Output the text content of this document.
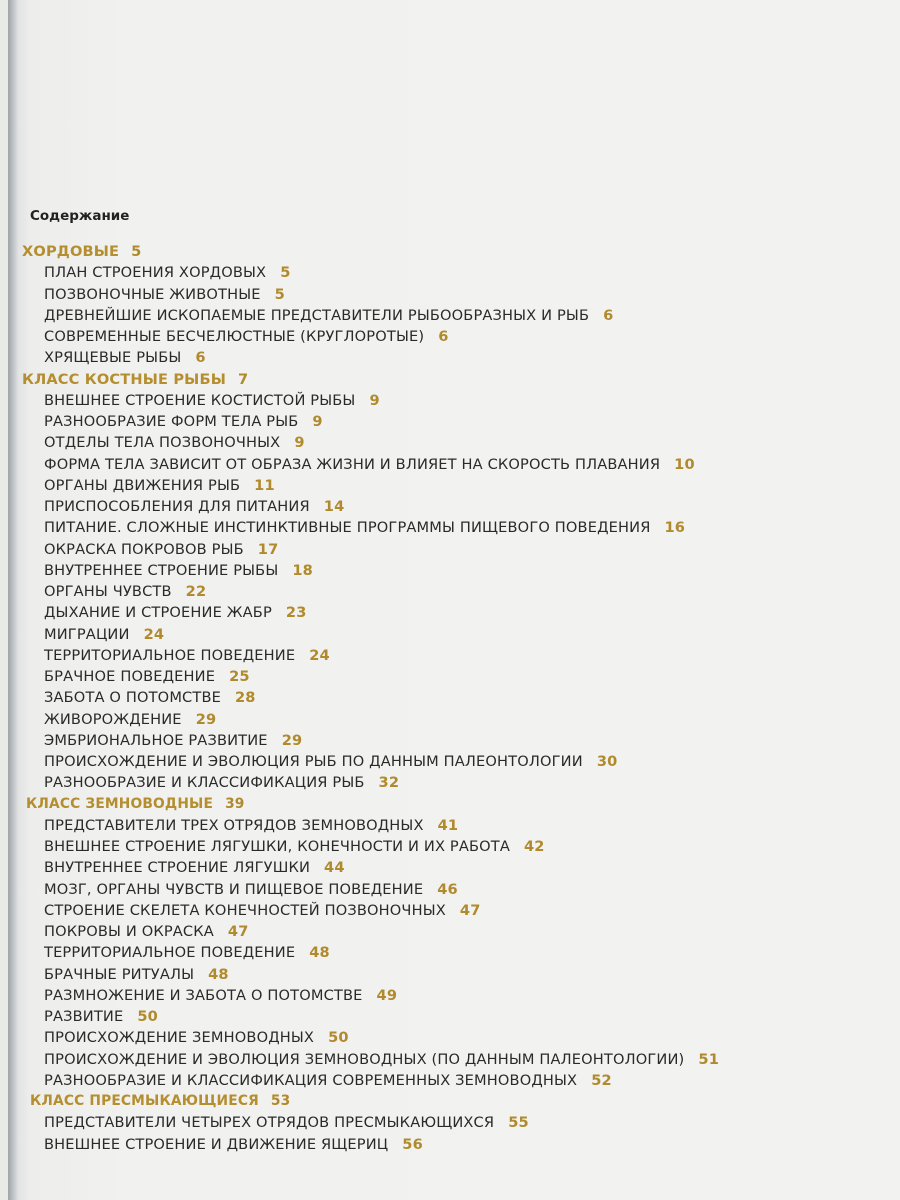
Содержание
ХОРДОВЫЕ 5
ПЛАН СТРОЕНИЯ ХОРДОВЫХ 5
ПОЗВОНОЧНЫЕ ЖИВОТНЫЕ 5
ДРЕВНЕЙШИЕ ИСКОПАЕМЫЕ ПРЕДСТАВИТЕЛИ РЫБООБРАЗНЫХ И РЫБ 6
СОВРЕМЕННЫЕ БЕСЧЕЛЮСТНЫЕ (КРУГЛОРОТЫЕ) 6
ХРЯЩЕВЫЕ РЫБЫ 6
КЛАСС КОСТНЫЕ РЫБЫ 7
ВНЕШНЕЕ СТРОЕНИЕ КОСТИСТОЙ РЫБЫ 9
РАЗНООБРАЗИЕ ФОРМ ТЕЛА РЫБ 9
ОТДЕЛЫ ТЕЛА ПОЗВОНОЧНЫХ 9
ФОРМА ТЕЛА ЗАВИСИТ ОТ ОБРАЗА ЖИЗНИ И ВЛИЯЕТ НА СКОРОСТЬ ПЛАВАНИЯ 10
ОРГАНЫ ДВИЖЕНИЯ РЫБ 11
ПРИСПОСОБЛЕНИЯ ДЛЯ ПИТАНИЯ 14
ПИТАНИЕ. СЛОЖНЫЕ ИНСТИНКТИВНЫЕ ПРОГРАММЫ ПИЩЕВОГО ПОВЕДЕНИЯ 16
ОКРАСКА ПОКРОВОВ РЫБ 17
ВНУТРЕННЕЕ СТРОЕНИЕ РЫБЫ 18
ОРГАНЫ ЧУВСТВ 22
ДЫХАНИЕ И СТРОЕНИЕ ЖАБР 23
МИГРАЦИИ 24
ТЕРРИТОРИАЛЬНОЕ ПОВЕДЕНИЕ 24
БРАЧНОЕ ПОВЕДЕНИЕ 25
ЗАБОТА О ПОТОМСТВЕ 28
ЖИВОРОЖДЕНИЕ 29
ЭМБРИОНАЛЬНОЕ РАЗВИТИЕ 29
ПРОИСХОЖДЕНИЕ И ЭВОЛЮЦИЯ РЫБ ПО ДАННЫМ ПАЛЕОНТОЛОГИИ 30
РАЗНООБРАЗИЕ И КЛАССИФИКАЦИЯ РЫБ 32
КЛАСС ЗЕМНОВОДНЫЕ 39
ПРЕДСТАВИТЕЛИ ТРЕХ ОТРЯДОВ ЗЕМНОВОДНЫХ 41
ВНЕШНЕЕ СТРОЕНИЕ ЛЯГУШКИ, КОНЕЧНОСТИ И ИХ РАБОТА 42
ВНУТРЕННЕЕ СТРОЕНИЕ ЛЯГУШКИ 44
МОЗГ, ОРГАНЫ ЧУВСТВ И ПИЩЕВОЕ ПОВЕДЕНИЕ 46
СТРОЕНИЕ СКЕЛЕТА КОНЕЧНОСТЕЙ ПОЗВОНОЧНЫХ 47
ПОКРОВЫ И ОКРАСКА 47
ТЕРРИТОРИАЛЬНОЕ ПОВЕДЕНИЕ 48
БРАЧНЫЕ РИТУАЛЫ 48
РАЗМНОЖЕНИЕ И ЗАБОТА О ПОТОМСТВЕ 49
РАЗВИТИЕ 50
ПРОИСХОЖДЕНИЕ ЗЕМНОВОДНЫХ 50
ПРОИСХОЖДЕНИЕ И ЭВОЛЮЦИЯ ЗЕМНОВОДНЫХ (ПО ДАННЫМ ПАЛЕОНТОЛОГИИ) 51
РАЗНООБРАЗИЕ И КЛАССИФИКАЦИЯ СОВРЕМЕННЫХ ЗЕМНОВОДНЫХ 52
КЛАСС ПРЕСМЫКАЮЩИЕСЯ 53
ПРЕДСТАВИТЕЛИ ЧЕТЫРЕХ ОТРЯДОВ ПРЕСМЫКАЮЩИХСЯ 55
ВНЕШНЕЕ СТРОЕНИЕ И ДВИЖЕНИЕ ЯЩЕРИЦ 56
